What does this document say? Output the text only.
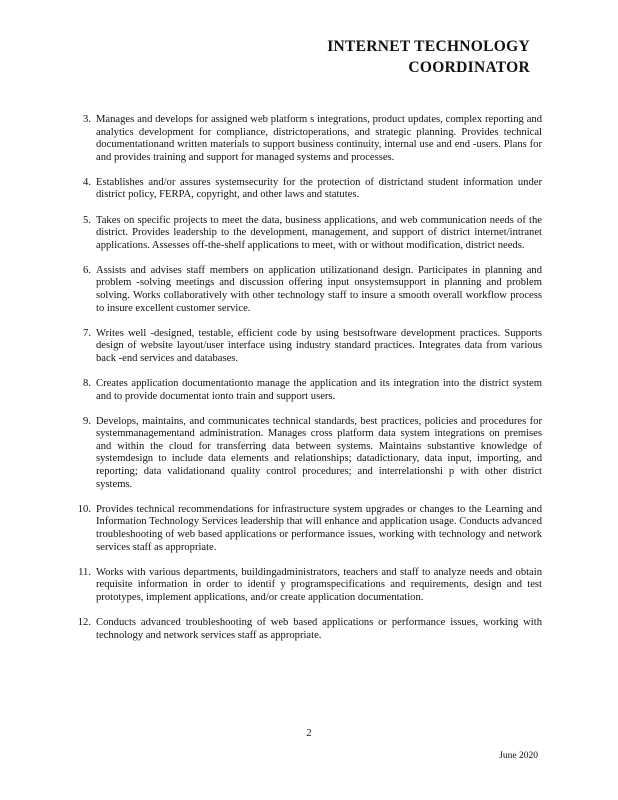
INTERNET TECHNOLOGY
COORDINATOR
3. Manages and develops for assigned web platform s integrations, product updates, complex reporting and analytics development for compliance, districtoperations, and strategic planning. Provides technical documentationand written materials to support business continuity, internal use and end -users. Plans for and provides training and support for managed systems and processes.
4. Establishes and/or assures systemsecurity for the protection of districtand student information under district policy, FERPA, copyright, and other laws and statutes.
5. Takes on specific projects to meet the data, business applications, and web communication needs of the district. Provides leadership to the development, management, and support of district internet/intranet applications. Assesses off-the-shelf applications to meet, with or without modification, district needs.
6. Assists and advises staff members on application utilizationand design. Participates in planning and problem -solving meetings and discussion offering input onsystemsupport in planning and problem solving. Works collaboratively with other technology staff to insure a smooth overall workflow process to insure excellent customer service.
7. Writes well -designed, testable, efficient code by using bestsoftware development practices. Supports design of website layout/user interface using industry standard practices. Integrates data from various back -end services and databases.
8. Creates application documentationto manage the application and its integration into the district system and to provide documentat ionto train and support users.
9. Develops, maintains, and communicates technical standards, best practices, policies and procedures for systemmanagementand administration. Manages cross platform data system integrations on premises and within the cloud for transferring data between systems. Maintains substantive knowledge of systemdesign to include data elements and relationships; datadictionary, data input, importing, and reporting; data validationand quality control procedures; and interrelationshi p with other district systems.
10. Provides technical recommendations for infrastructure system upgrades or changes to the Learning and Information Technology Services leadership that will enhance and application usage. Conducts advanced troubleshooting of web based applications or performance issues, working with technology and network services staff as appropriate.
11. Works with various departments, buildingadministrators, teachers and staff to analyze needs and obtain requisite information in order to identif y programspecifications and requirements, design and test prototypes, implement applications, and/or create application documentation.
12. Conducts advanced troubleshooting of web based applications or performance issues, working with technology and network services staff as appropriate.
2
June 2020
